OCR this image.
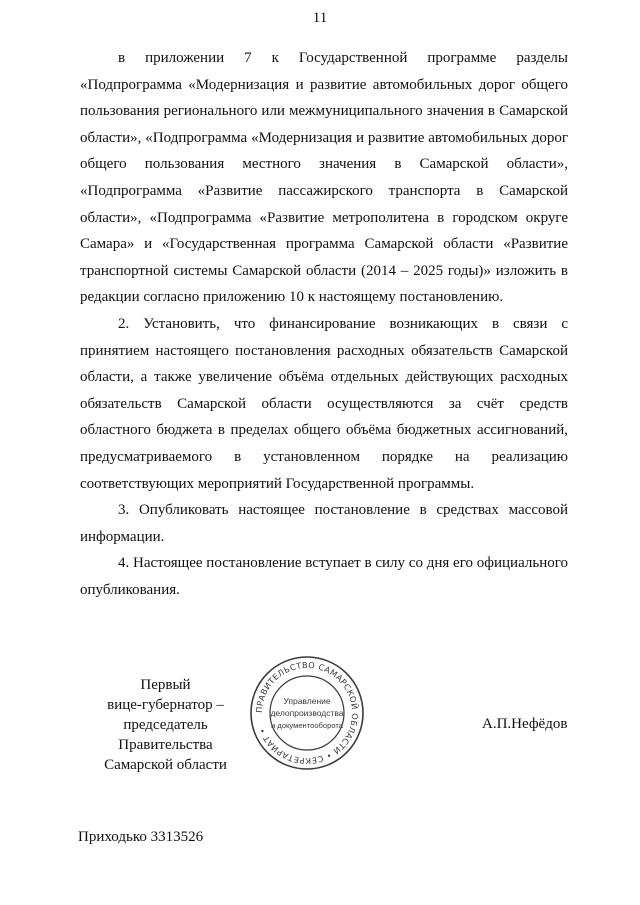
11

в приложении 7 к Государственной программе разделы «Подпрограмма «Модернизация и развитие автомобильных дорог общего пользования регионального или межмуниципального значения в Самарской области», «Подпрограмма «Модернизация и развитие автомобильных дорог общего пользования местного значения в Самарской области», «Подпрограмма «Развитие пассажирского транспорта в Самарской области», «Подпрограмма «Развитие метрополитена в городском округе Самара» и «Государственная программа Самарской области «Развитие транспортной системы Самарской области (2014 – 2025 годы)» изложить в редакции согласно приложению 10 к настоящему постановлению.

2. Установить, что финансирование возникающих в связи с принятием настоящего постановления расходных обязательств Самарской области, а также увеличение объёма отдельных действующих расходных обязательств Самарской области осуществляются за счёт средств областного бюджета в пределах общего объёма бюджетных ассигнований, предусматриваемого в установленном порядке на реализацию соответствующих мероприятий Государственной программы.

3. Опубликовать настоящее постановление в средствах массовой информации.

4. Настоящее постановление вступает в силу со дня его официального опубликования.

Первый
вице-губернатор –
председатель Правительства
Самарской области
ПРАВИТЕЛЬСТВО САМАРСКОЙ ОБЛАСТИ • СЕКРЕТАРИАТ •
Управление
делопроизводства
и документооборота	А.П.Нефёдов
Приходько 3313526
